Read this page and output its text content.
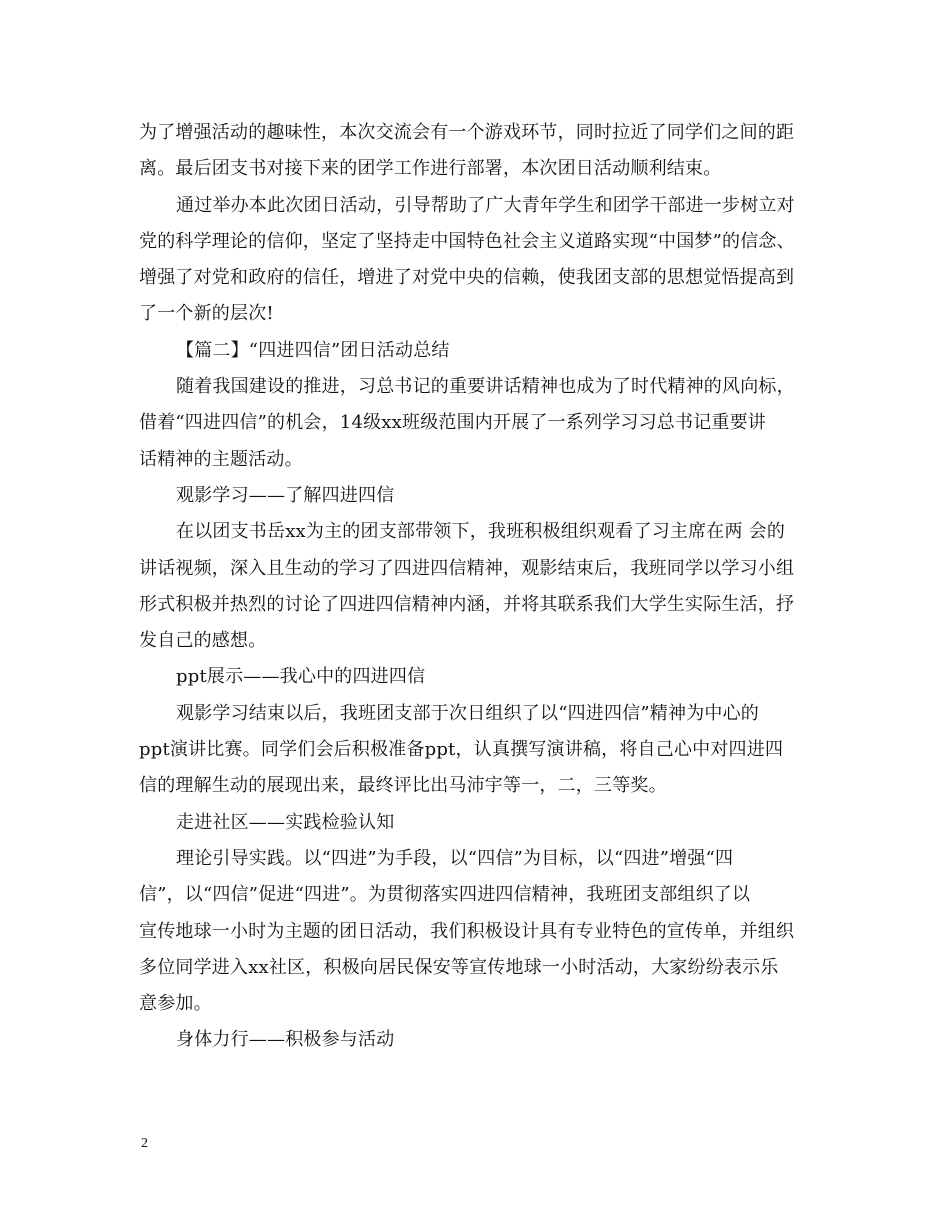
为了增强活动的趣味性，本次交流会有一个游戏环节，同时拉近了同学们之间的距
离。最后团支书对接下来的团学工作进行部署，本次团日活动顺利结束。
通过举办本此次团日活动，引导帮助了广大青年学生和团学干部进一步树立对
党的科学理论的信仰，坚定了坚持走中国特色社会主义道路实现“中国梦”的信念、
增强了对党和政府的信任，增进了对党中央的信赖，使我团支部的思想觉悟提高到
了一个新的层次!
【篇二】“四进四信”团日活动总结
随着我国建设的推进，习总书记的重要讲话精神也成为了时代精神的风向标，
借着“四进四信”的机会，14级xx班级范围内开展了一系列学习习总书记重要讲
话精神的主题活动。
观影学习——了解四进四信
在以团支书岳xx为主的团支部带领下，我班积极组织观看了习主席在两 会的
讲话视频，深入且生动的学习了四进四信精神，观影结束后，我班同学以学习小组
形式积极并热烈的讨论了四进四信精神内涵，并将其联系我们大学生实际生活，抒
发自己的感想。
ppt展示——我心中的四进四信
观影学习结束以后，我班团支部于次日组织了以“四进四信”精神为中心的
ppt演讲比赛。同学们会后积极准备ppt，认真撰写演讲稿，将自己心中对四进四
信的理解生动的展现出来，最终评比出马沛宇等一，二，三等奖。
走进社区——实践检验认知
理论引导实践。以“四进”为手段，以“四信”为目标，以“四进”增强“四
信”，以“四信”促进“四进”。为贯彻落实四进四信精神，我班团支部组织了以
宣传地球一小时为主题的团日活动，我们积极设计具有专业特色的宣传单，并组织
多位同学进入xx社区，积极向居民保安等宣传地球一小时活动，大家纷纷表示乐
意参加。
身体力行——积极参与活动
2
